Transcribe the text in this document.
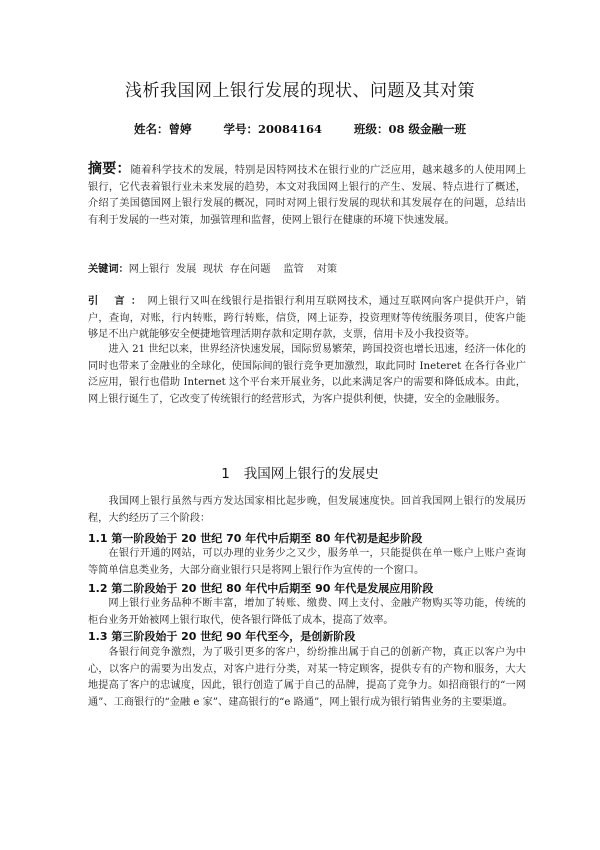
浅析我国网上银行发展的现状、问题及其对策
姓名：曾婷	学号：20084164	班级：08 级金融一班

摘要：随着科学技术的发展，特别是因特网技术在银行业的广泛应用，越来越多的人使用网上银行，它代表着银行业未来发展的趋势，本文对我国网上银行的产生、发展、特点进行了概述，介绍了美国德国网上银行发展的概况，同时对网上银行发展的现状和其发展存在的问题，总结出有利于发展的一些对策，加强管理和监督，使网上银行在健康的环境下快速发展。

关键词：网上银行  发展  现状  存在问题    监管    对策

引 言：网上银行又叫在线银行是指银行利用互联网技术，通过互联网向客户提供开户，销户，查询，对账，行内转账，跨行转账，信贷，网上证券，投资理财等传统服务项目，使客户能够足不出户就能够安全便捷地管理活期存款和定期存款，支票，信用卡及小我投资等。

进入 21 世纪以来，世界经济快速发展，国际贸易繁荣，跨国投资也增长迅速，经济一体化的同时也带来了金融业的全球化，使国际间的银行竞争更加激烈，取此同时 Ineteret 在各行各业广泛应用，银行也借助 Internet 这个平台来开展业务，以此来满足客户的需要和降低成本。由此，网上银行诞生了，它改变了传统银行的经营形式，为客户提供利便，快捷，安全的金融服务。

1 我国网上银行的发展史

我国网上银行虽然与西方发达国家相比起步晚，但发展速度快。回首我国网上银行的发展历程，大约经历了三个阶段：

1.1 第一阶段始于 20 世纪 70 年代中后期至 80 年代初是起步阶段

在银行开通的网站，可以办理的业务少之又少，服务单一，只能提供在单一账户上账户查询等简单信息类业务，大部分商业银行只是将网上银行作为宣传的一个窗口。

1.2 第二阶段始于 20 世纪 80 年代中后期至 90 年代是发展应用阶段

网上银行业务品种不断丰富，增加了转账、缴费、网上支付、金融产物购买等功能，传统的柜台业务开始被网上银行取代，使各银行降低了成本，提高了效率。

1.3 第三阶段始于 20 世纪 90 年代至今，是创新阶段

各银行间竞争激烈，为了吸引更多的客户，纷纷推出属于自己的创新产物，真正以客户为中心，以客户的需要为出发点，对客户进行分类，对某一特定顾客，提供专有的产物和服务，大大地提高了客户的忠诚度，因此，银行创造了属于自己的品牌，提高了竞争力。如招商银行的“一网通”、工商银行的“金融 e 家”、建高银行的“e 路通”，网上银行成为银行销售业务的主要渠道。
